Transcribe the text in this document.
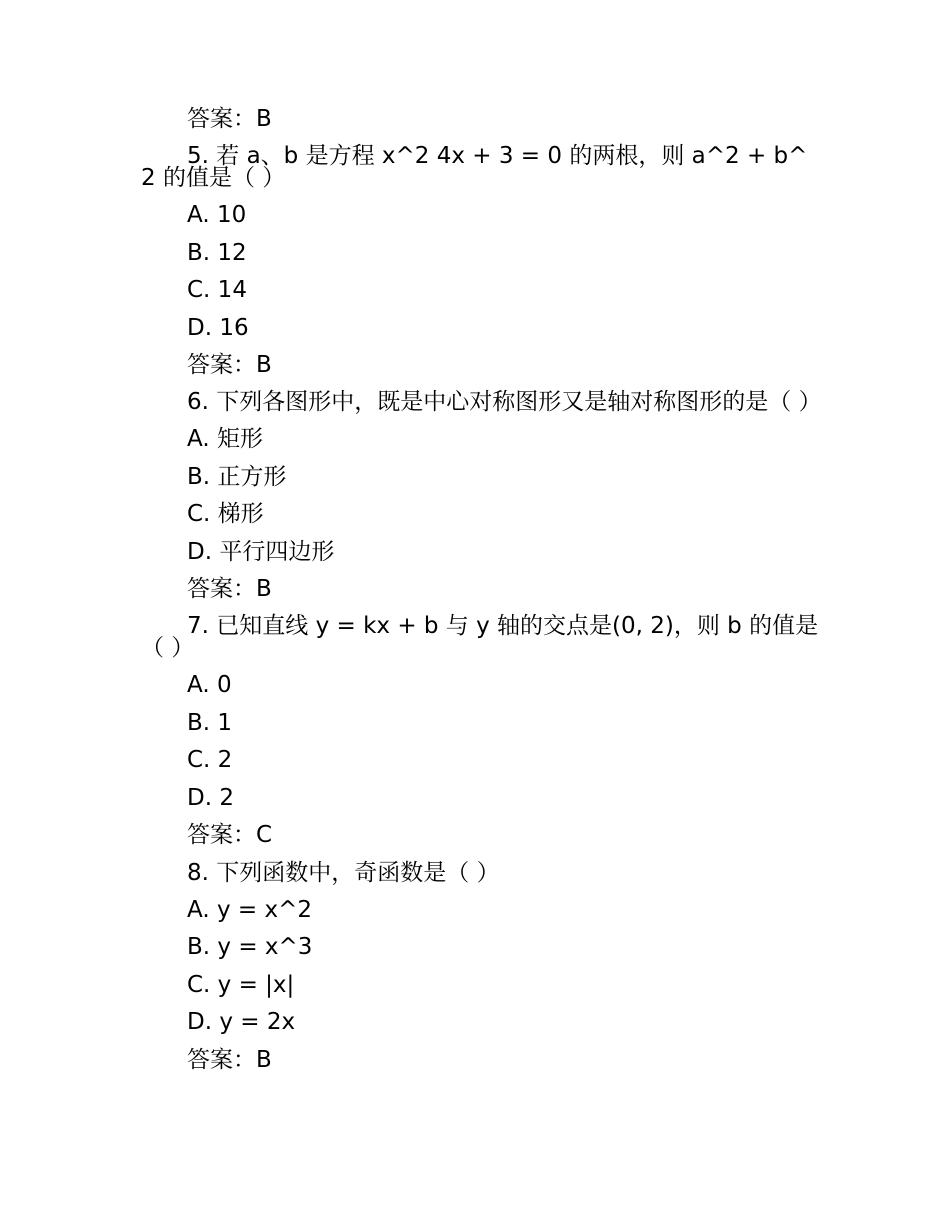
答案：B

5. 若 a、b 是方程 x^2 4x + 3 = 0 的两根，则 a^2 + b^2 的值是（ ）

A. 10

B. 12

C. 14

D. 16

答案：B

6. 下列各图形中，既是中心对称图形又是轴对称图形的是（ ）

A. 矩形

B. 正方形

C. 梯形

D. 平行四边形

答案：B

7. 已知直线 y = kx + b 与 y 轴的交点是(0, 2)，则 b 的值是（ ）

A. 0

B. 1

C. 2

D. 2

答案：C

8. 下列函数中，奇函数是（ ）

A. y = x^2

B. y = x^3

C. y = |x|

D. y = 2x

答案：B
